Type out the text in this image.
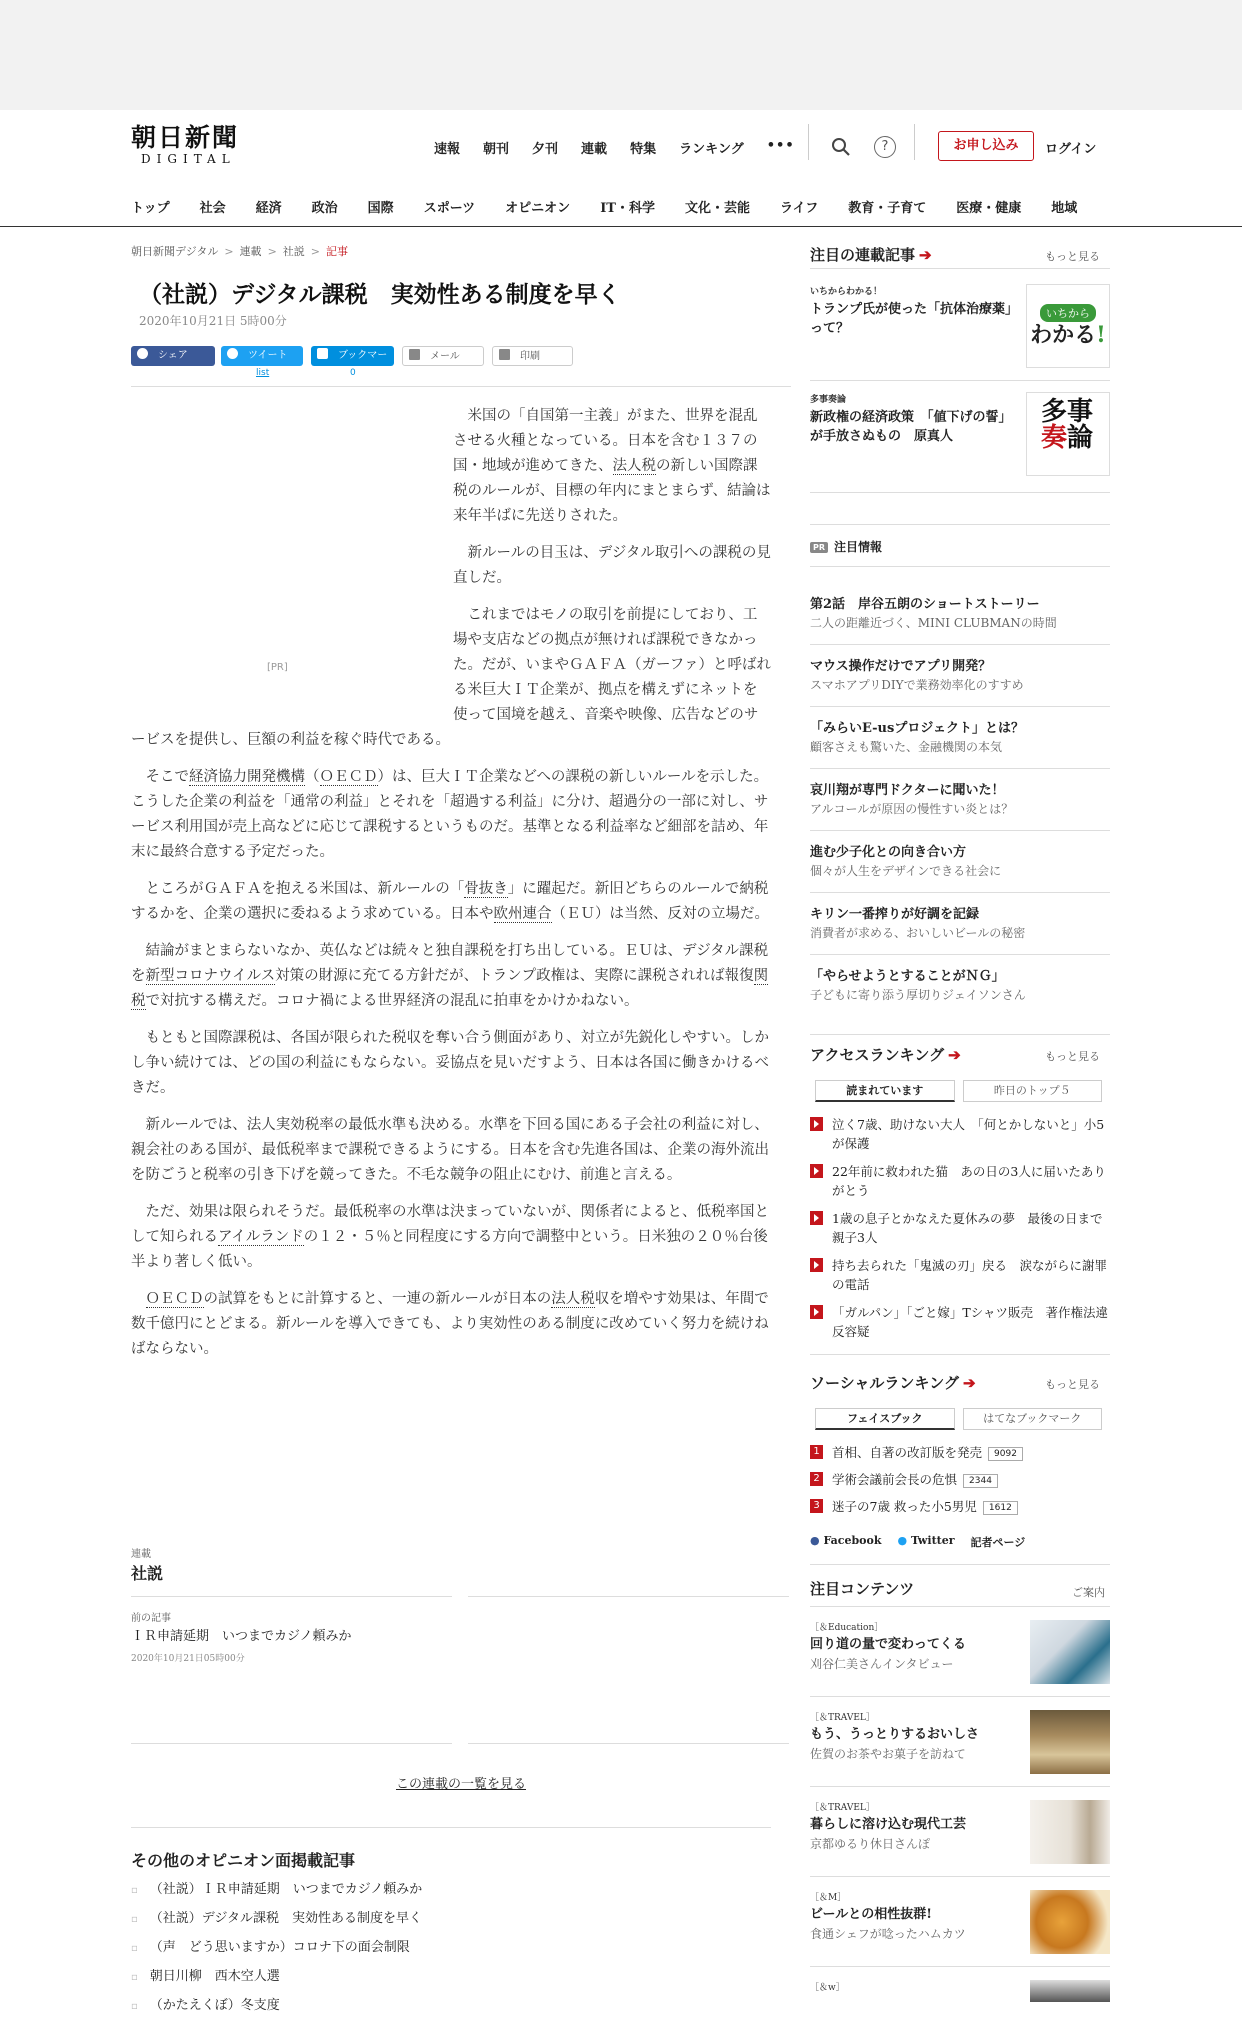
朝日新聞
DIGITAL
速報 朝刊 夕刊 連載 特集 ランキング •••	?	お申し込み	ログイン
トップ 社会 経済 政治 国際 スポーツ オピニオン IT・科学 文化・芸能 ライフ 教育・子育て 医療・健康 地域
朝日新聞デジタル > 連載 > 社説 > 記事
（社説）デジタル課税　実効性ある制度を早く
2020年10月21日 5時00分
シェア	ツイート
list
ブックマーク	0
メール	印刷
[PR]

米国の「自国第一主義」がまた、世界を混乱させる火種となっている。日本を含む１３７の国・地域が進めてきた、法人税の新しい国際課税のルールが、目標の年内にまとまらず、結論は来年半ばに先送りされた。

新ルールの目玉は、デジタル取引への課税の見直しだ。

これまではモノの取引を前提にしており、工場や支店などの拠点が無ければ課税できなかった。だが、いまやＧＡＦＡ（ガーファ）と呼ばれる米巨大ＩＴ企業が、拠点を構えずにネットを使って国境を越え、音楽や映像、広告などのサービスを提供し、巨額の利益を稼ぐ時代である。

そこで経済協力開発機構（ＯＥＣＤ）は、巨大ＩＴ企業などへの課税の新しいルールを示した。こうした企業の利益を「通常の利益」とそれを「超過する利益」に分け、超過分の一部に対し、サービス利用国が売上高などに応じて課税するというものだ。基準となる利益率など細部を詰め、年末に最終合意する予定だった。

ところがＧＡＦＡを抱える米国は、新ルールの「骨抜き」に躍起だ。新旧どちらのルールで納税するかを、企業の選択に委ねるよう求めている。日本や欧州連合（ＥＵ）は当然、反対の立場だ。

結論がまとまらないなか、英仏などは続々と独自課税を打ち出している。ＥＵは、デジタル課税を新型コロナウイルス対策の財源に充てる方針だが、トランプ政権は、実際に課税されれば報復関税で対抗する構えだ。コロナ禍による世界経済の混乱に拍車をかけかねない。

もともと国際課税は、各国が限られた税収を奪い合う側面があり、対立が先鋭化しやすい。しかし争い続けては、どの国の利益にもならない。妥協点を見いだすよう、日本は各国に働きかけるべきだ。

新ルールでは、法人実効税率の最低水準も決める。水準を下回る国にある子会社の利益に対し、親会社のある国が、最低税率まで課税できるようにする。日本を含む先進各国は、企業の海外流出を防ごうと税率の引き下げを競ってきた。不毛な競争の阻止にむけ、前進と言える。

ただ、効果は限られそうだ。最低税率の水準は決まっていないが、関係者によると、低税率国として知られるアイルランドの１２・５％と同程度にする方向で調整中という。日米独の２０％台後半より著しく低い。

ＯＥＣＤの試算をもとに計算すると、一連の新ルールが日本の法人税収を増やす効果は、年間で数千億円にとどまる。新ルールを導入できても、より実効性のある制度に改めていく努力を続けねばならない。

連載
社説
前の記事
ＩＲ申請延期　いつまでカジノ頼みか
2020年10月21日05時00分
この連載の一覧を見る
その他のオピニオン面掲載記事
▫ （社説）ＩＲ申請延期　いつまでカジノ頼みか
▫ （社説）デジタル課税　実効性ある制度を早く
▫ （声　どう思いますか）コロナ下の面会制限
▫ 朝日川柳　西木空人選
▫ （かたえくぼ）冬支度
注目の連載記事 ➔	もっと見る
いちからわかる！
トランプ氏が使った「抗体治療薬」って？
いちから
わかる!
多事奏論
新政権の経済政策　「値下げの誓」が手放さぬもの　原真人
多事
奏論
PR 注目情報
第2話　岸谷五朗のショートストーリー
二人の距離近づく、MINI CLUBMANの時間
マウス操作だけでアプリ開発？
スマホアプリDIYで業務効率化のすすめ
「みらいE-usプロジェクト」とは？
顧客さえも驚いた、金融機関の本気
哀川翔が専門ドクターに聞いた！
アルコールが原因の慢性すい炎とは？
進む少子化との向き合い方
個々が人生をデザインできる社会に
キリン一番搾りが好調を記録
消費者が求める、おいしいビールの秘密
「やらせようとすることがＮＧ」
子どもに寄り添う厚切りジェイソンさん
アクセスランキング ➔	もっと見る
読まれています	昨日のトップ５
泣く7歳、助けない大人　「何とかしないと」小5が保護
22年前に救われた猫　あの日の3人に届いたありがとう
1歳の息子とかなえた夏休みの夢　最後の日まで親子3人
持ち去られた「鬼滅の刃」戻る　涙ながらに謝罪の電話
「ガルパン」「ごと嫁」Tシャツ販売　著作権法違反容疑
ソーシャルランキング ➔	もっと見る
フェイスブック	はてなブックマーク
1 首相、自著の改訂版を発売 9092
2 学術会議前会長の危惧 2344
3 迷子の7歳 救った小5男児 1612
● Facebook ● Twitter 記者ページ
注目コンテンツ	ご案内
［＆Education］
回り道の量で変わってくる
刈谷仁美さんインタビュー
［＆TRAVEL］
もう、うっとりするおいしさ
佐賀のお茶やお菓子を訪ねて
［＆TRAVEL］
暮らしに溶け込む現代工芸
京都ゆるり休日さんぽ
［＆M］
ビールとの相性抜群!
食通シェフが唸ったハムカツ
［＆w］
